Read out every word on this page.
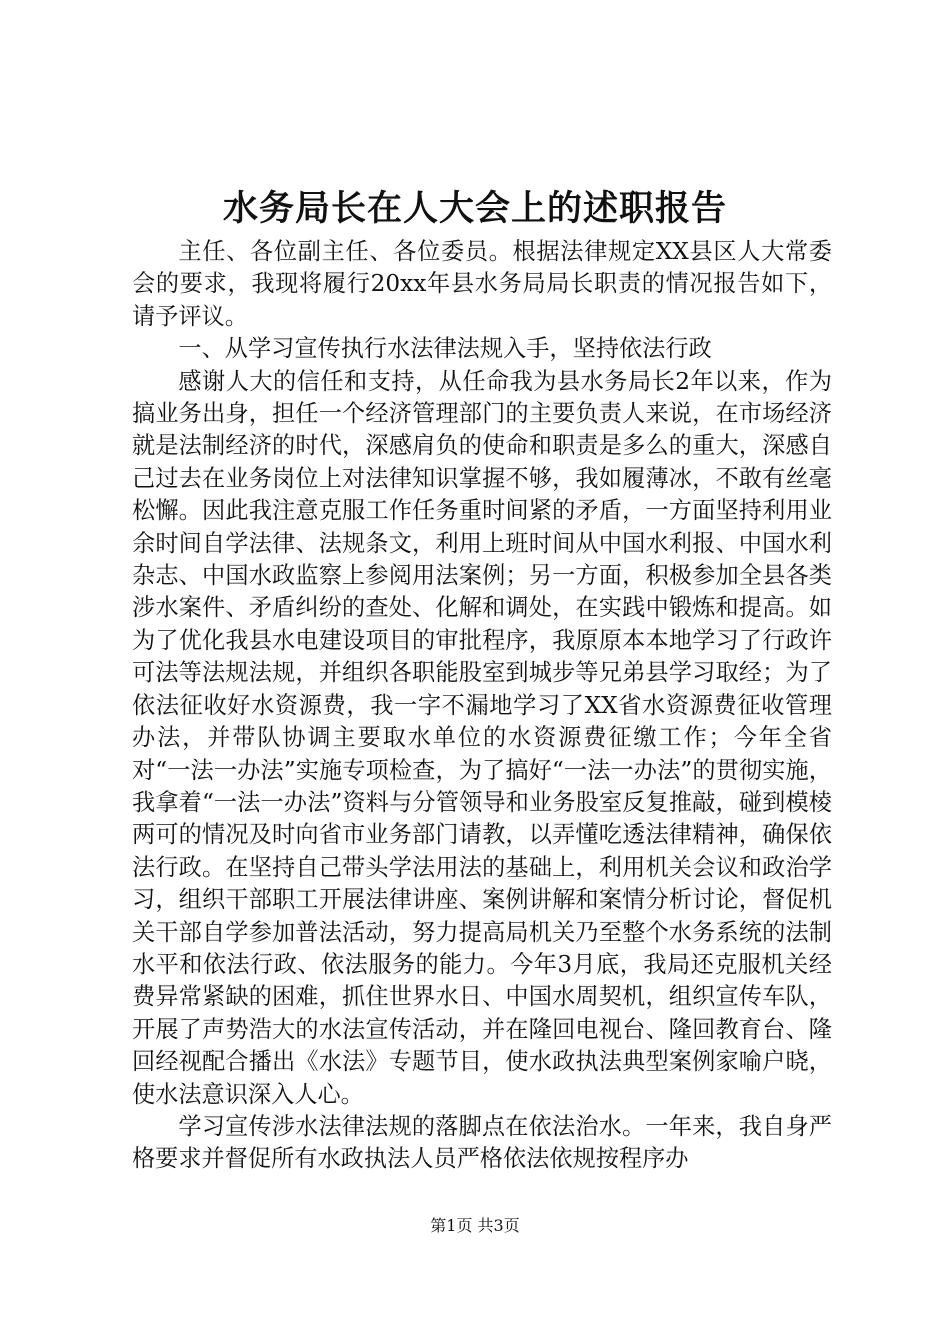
水务局长在人大会上的述职报告

主任、各位副主任、各位委员。根据法律规定XX县区人大常委会的要求，我现将履行20xx年县水务局局长职责的情况报告如下，请予评议。

一、从学习宣传执行水法律法规入手，坚持依法行政

感谢人大的信任和支持，从任命我为县水务局长2年以来，作为搞业务出身，担任一个经济管理部门的主要负责人来说，在市场经济就是法制经济的时代，深感肩负的使命和职责是多么的重大，深感自己过去在业务岗位上对法律知识掌握不够，我如履薄冰，不敢有丝毫松懈。因此我注意克服工作任务重时间紧的矛盾，一方面坚持利用业余时间自学法律、法规条文，利用上班时间从中国水利报、中国水利杂志、中国水政监察上参阅用法案例；另一方面，积极参加全县各类涉水案件、矛盾纠纷的查处、化解和调处，在实践中锻炼和提高。如为了优化我县水电建设项目的审批程序，我原原本本地学习了行政许可法等法规法规，并组织各职能股室到城步等兄弟县学习取经；为了依法征收好水资源费，我一字不漏地学习了XX省水资源费征收管理办法，并带队协调主要取水单位的水资源费征缴工作；今年全省对“一法一办法”实施专项检查，为了搞好“一法一办法”的贯彻实施，我拿着“一法一办法”资料与分管领导和业务股室反复推敲，碰到模棱两可的情况及时向省市业务部门请教，以弄懂吃透法律精神，确保依法行政。在坚持自己带头学法用法的基础上，利用机关会议和政治学习，组织干部职工开展法律讲座、案例讲解和案情分析讨论，督促机关干部自学参加普法活动，努力提高局机关乃至整个水务系统的法制水平和依法行政、依法服务的能力。今年3月底，我局还克服机关经费异常紧缺的困难，抓住世界水日、中国水周契机，组织宣传车队，开展了声势浩大的水法宣传活动，并在隆回电视台、隆回教育台、隆回经视配合播出《水法》专题节目，使水政执法典型案例家喻户晓，使水法意识深入人心。

学习宣传涉水法律法规的落脚点在依法治水。一年来，我自身严格要求并督促所有水政执法人员严格依法依规按程序办

第1页 共3页
